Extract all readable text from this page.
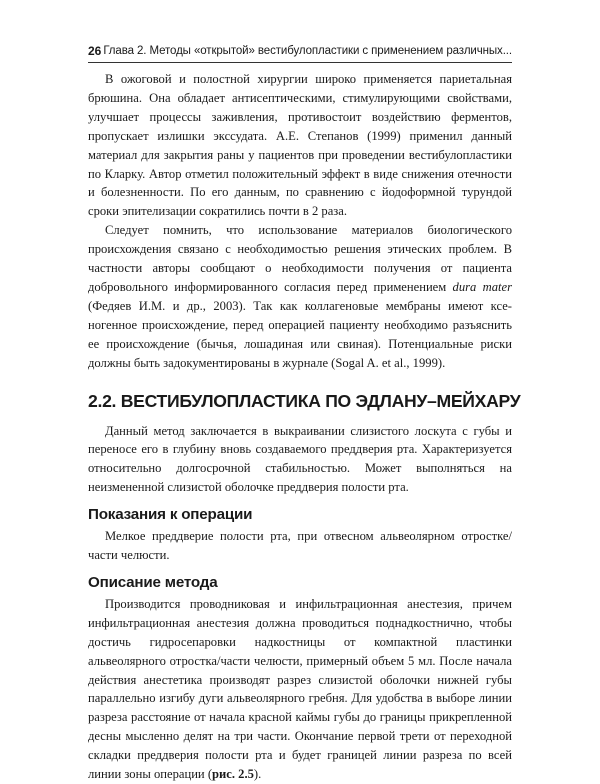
26 Глава 2. Методы «открытой» вестибулопластики с применением различных...

В ожоговой и полостной хирургии широко применяется париетальная брюшина. Она обладает антисептическими, стимулирующими свойствами, улучшает процессы заживления, противостоит воздействию ферментов, пропускает излишки экссудата. А.Е. Степанов (1999) применил данный материал для закрытия раны у пациентов при проведении вестибулопластики по Кларку. Автор отметил положительный эффект в виде снижения отечности и болезненности. По его данным, по сравнению с йодоформной турундой сроки эпителизации сократились почти в 2 раза.

Следует помнить, что использование материалов биологического происхождения связано с необходимостью решения этических проблем. В частности авторы сообщают о необходимости получения от пациента добровольного информированного согласия перед применением dura mater (Федяев И.М. и др., 2003). Так как коллагеновые мембраны имеют ксеногенное происхождение, перед операцией пациенту необходимо разъяснить ее происхождение (бычья, лошадиная или свиная). Потенциальные риски должны быть задокументированы в журнале (Sogal A. et al., 1999).

2.2. ВЕСТИБУЛОПЛАСТИКА ПО ЭДЛАНУ–МЕЙХАРУ

Данный метод заключается в выкраивании слизистого лоскута с губы и переносе его в глубину вновь создаваемого преддверия рта. Характеризуется относительно долгосрочной стабильностью. Может выполняться на неизмененной слизистой оболочке преддверия полости рта.

Показания к операции

Мелкое преддверие полости рта, при отвесном альвеолярном отростке/части челюсти.

Описание метода

Производится проводниковая и инфильтрационная анестезия, причем инфильтрационная анестезия должна проводиться поднадкостнично, чтобы достичь гидросепаровки надкостницы от компактной пластинки альвеолярного отростка/части челюсти, примерный объем 5 мл. После начала действия анестетика производят разрез слизистой оболочки нижней губы параллельно изгибу дуги альвеолярного гребня. Для удобства в выборе линии разреза расстояние от начала красной каймы губы до границы прикрепленной десны мысленно делят на три части. Окончание первой трети от переходной складки преддверия полости рта и будет границей линии разреза по всей линии зоны операции (рис. 2.5).
